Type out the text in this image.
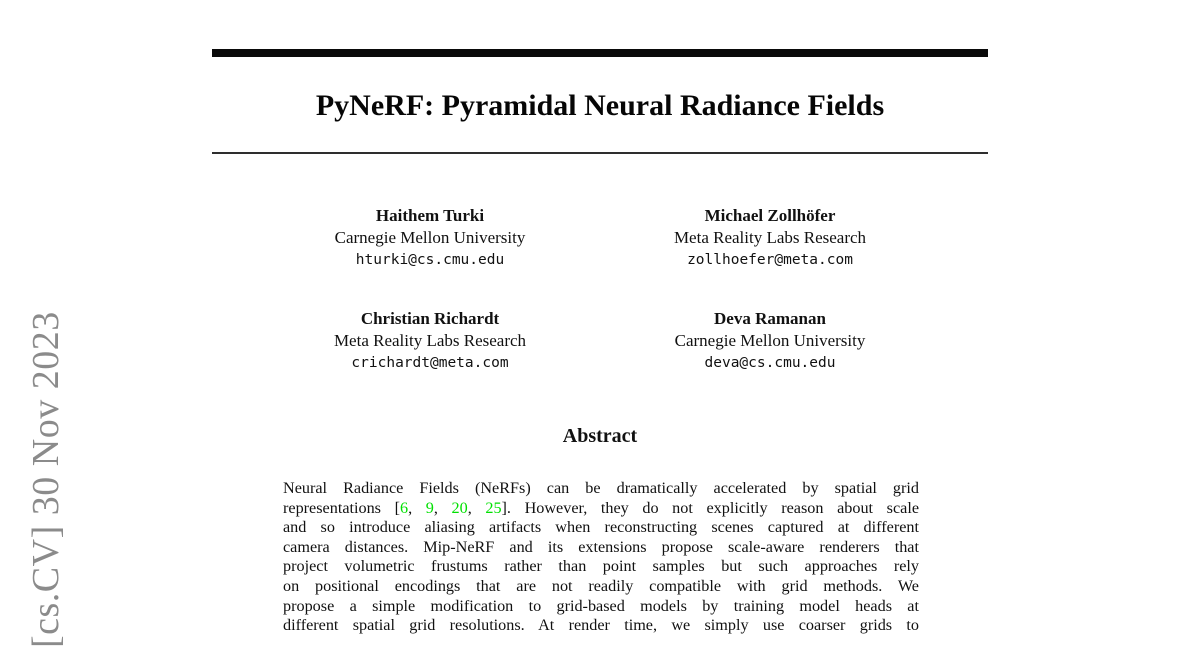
[cs.CV] 30 Nov 2023
PyNeRF: Pyramidal Neural Radiance Fields
Haithem Turki
Carnegie Mellon University
hturki@cs.cmu.edu
Michael Zollhöfer
Meta Reality Labs Research
zollhoefer@meta.com
Christian Richardt
Meta Reality Labs Research
crichardt@meta.com
Deva Ramanan
Carnegie Mellon University
deva@cs.cmu.edu
Abstract
Neural Radiance Fields (NeRFs) can be dramatically accelerated by spatial grid
representations [6, 9, 20, 25]. However, they do not explicitly reason about scale
and so introduce aliasing artifacts when reconstructing scenes captured at different
camera distances. Mip-NeRF and its extensions propose scale-aware renderers that
project volumetric frustums rather than point samples but such approaches rely
on positional encodings that are not readily compatible with grid methods. We
propose a simple modification to grid-based models by training model heads at
different spatial grid resolutions. At render time, we simply use coarser grids to
